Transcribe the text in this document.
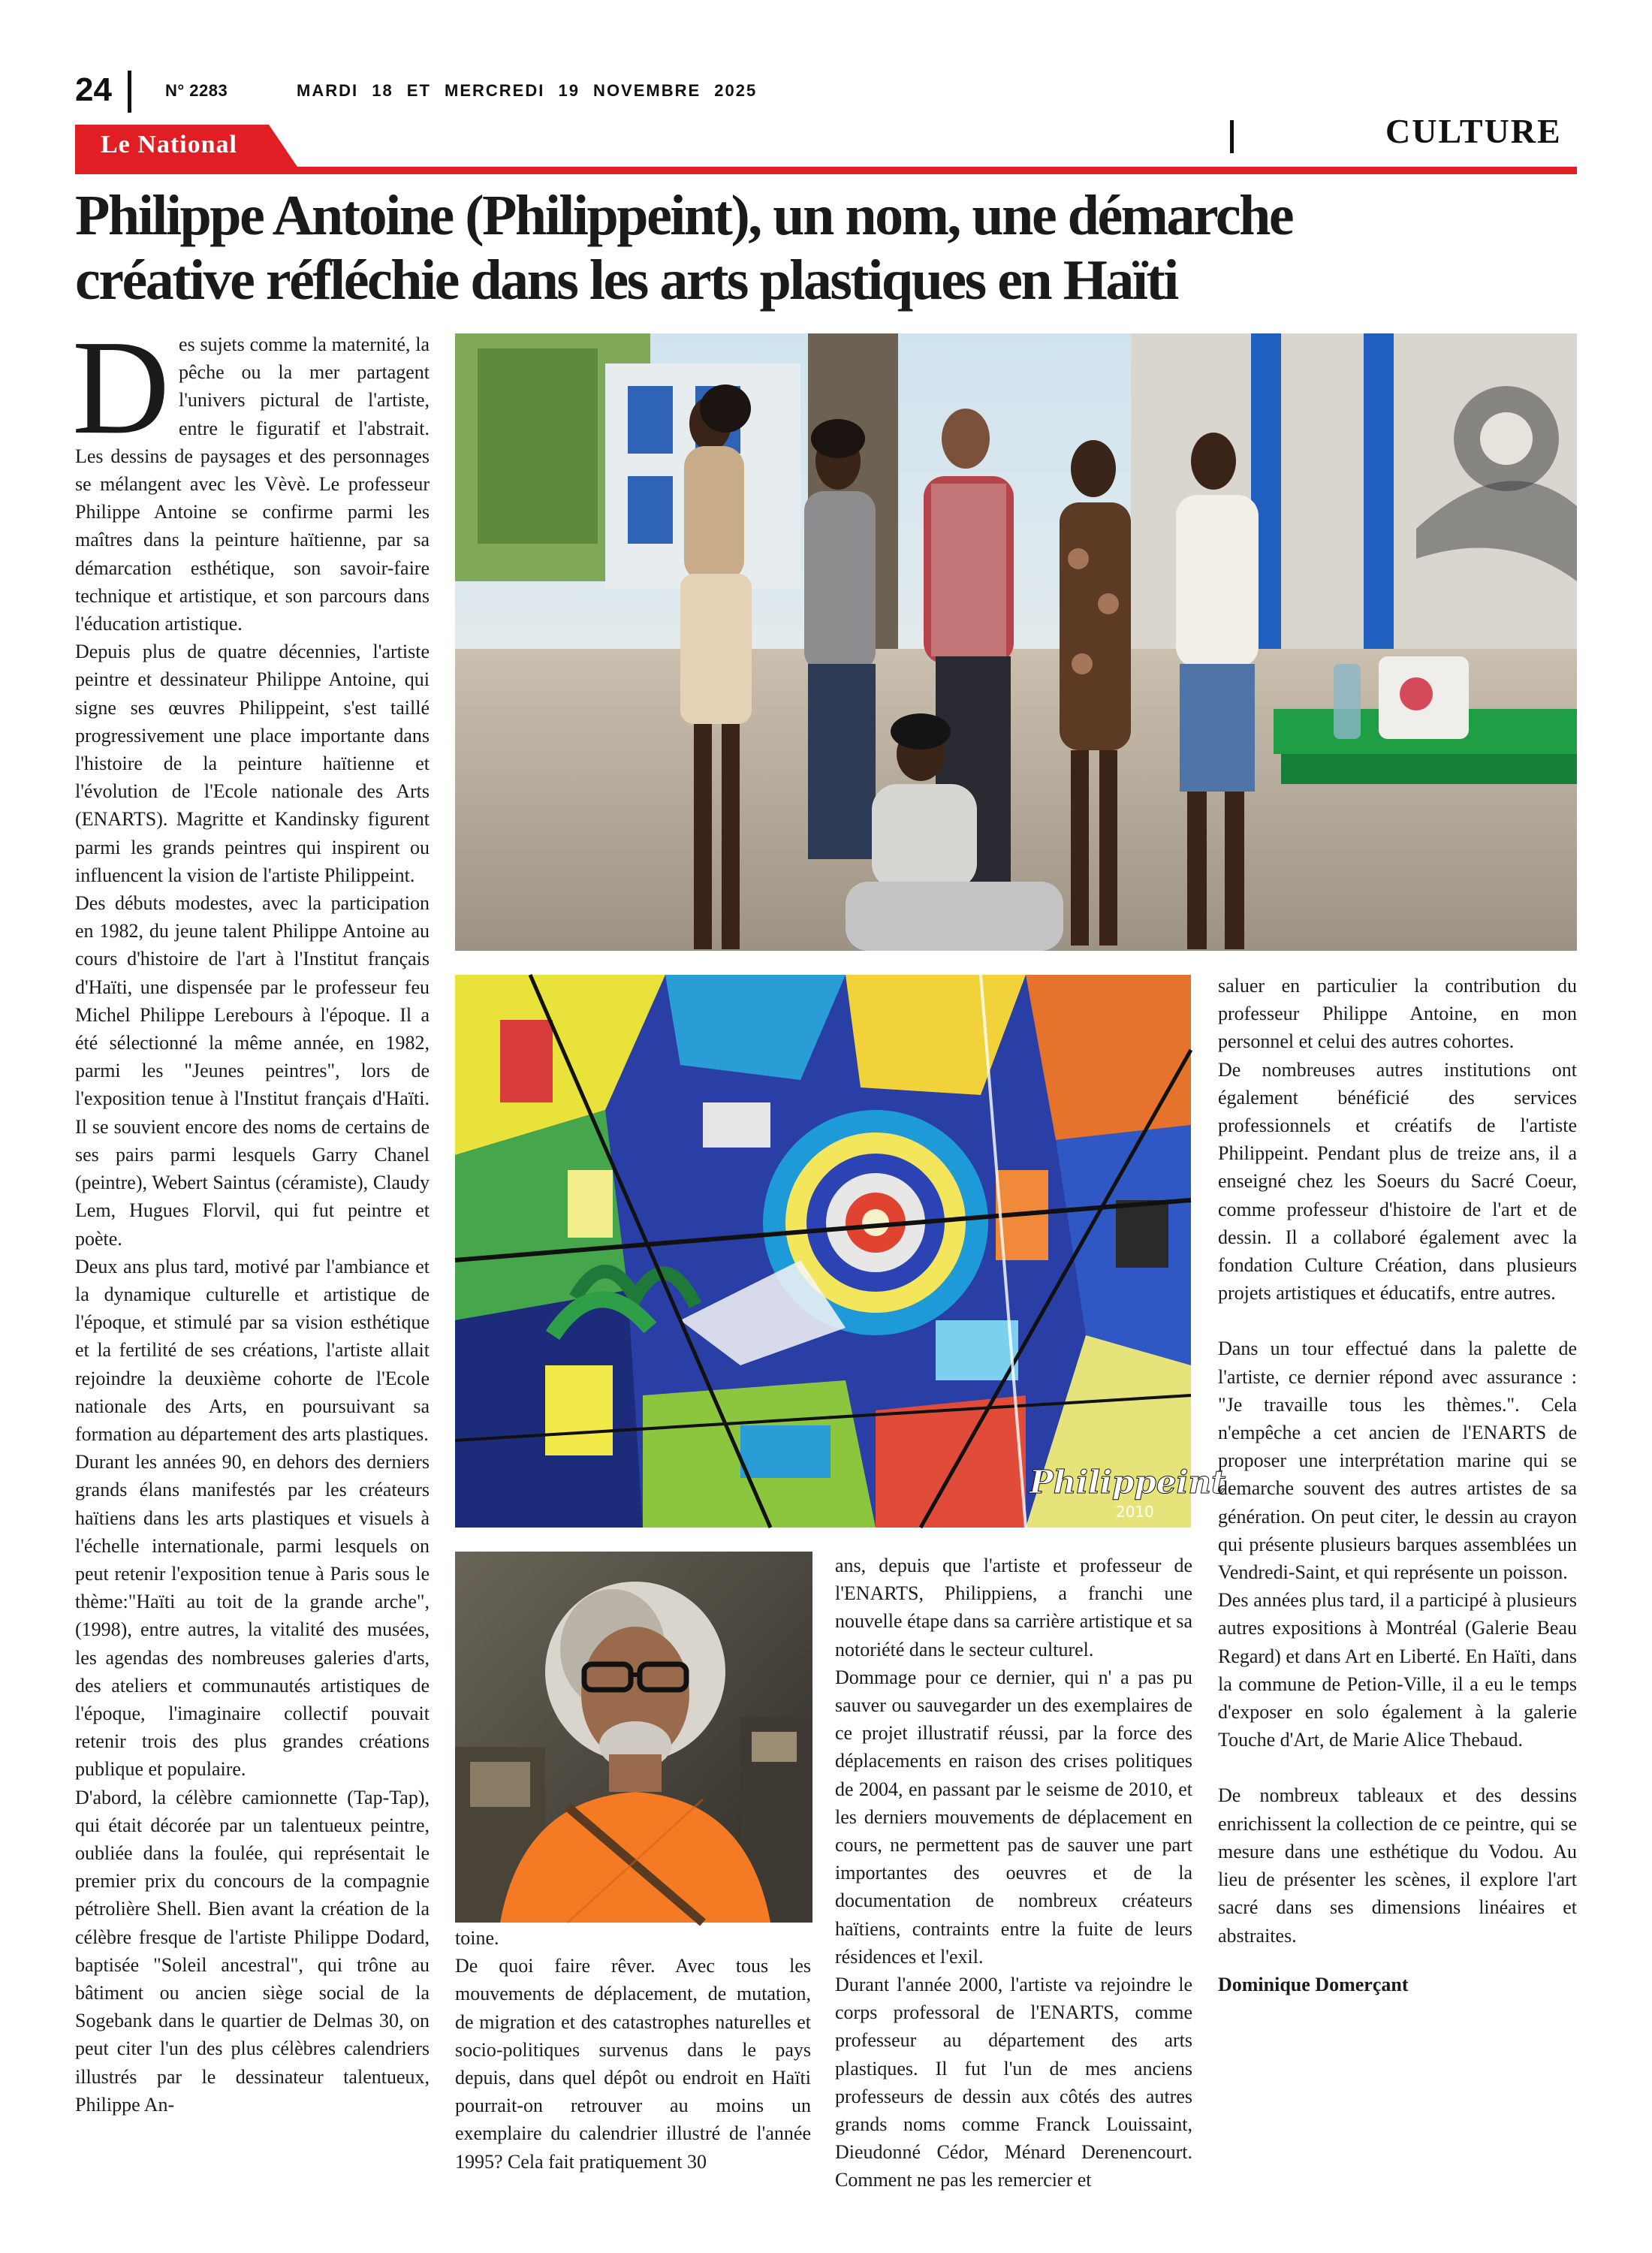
24	N° 2283	MARDI 18 ET MERCREDI 19 NOVEMBRE 2025
Le National	CULTURE
Philippe Antoine (Philippeint), un nom, une démarche
créative réfléchie dans les arts plastiques en Haïti

Des sujets comme la maternité, la pêche ou la mer partagent l'univers pictural de l'artiste, entre le figuratif et l'abstrait. Les dessins de paysages et des personnages se mélangent avec les Vèvè. Le professeur Philippe Antoine se confirme parmi les maîtres dans la peinture haïtienne, par sa démarcation esthétique, son savoir-faire technique et artistique, et son parcours dans l'éducation artistique.

Depuis plus de quatre décennies, l'artiste peintre et dessinateur Philippe Antoine, qui signe ses œuvres Philippeint, s'est taillé progressivement une place importante dans l'histoire de la peinture haïtienne et l'évolution de l'Ecole nationale des Arts (ENARTS). Magritte et Kandinsky figurent parmi les grands peintres qui inspirent ou influencent la vision de l'artiste Philippeint.

Des débuts modestes, avec la participation en 1982, du jeune talent Philippe Antoine au cours d'histoire de l'art à l'Institut français d'Haïti, une dispensée par le professeur feu Michel Philippe Lerebours à l'époque. Il a été sélectionné la même année, en 1982, parmi les "Jeunes peintres", lors de l'exposition tenue à l'Institut français d'Haïti. Il se souvient encore des noms de certains de ses pairs parmi lesquels Garry Chanel (peintre), Webert Saintus (céramiste), Claudy Lem, Hugues Florvil, qui fut peintre et poète.

Deux ans plus tard, motivé par l'ambiance et la dynamique culturelle et artistique de l'époque, et stimulé par sa vision esthétique et la fertilité de ses créations, l'artiste allait rejoindre la deuxième cohorte de l'Ecole nationale des Arts, en poursuivant sa formation au département des arts plastiques.

Durant les années 90, en dehors des derniers grands élans manifestés par les créateurs haïtiens dans les arts plastiques et visuels à l'échelle internationale, parmi lesquels on peut retenir l'exposition tenue à Paris sous le thème:"Haïti au toit de la grande arche", (1998), entre autres, la vitalité des musées, les agendas des nombreuses galeries d'arts, des ateliers et communautés artistiques de l'époque, l'imaginaire collectif pouvait retenir trois des plus grandes créations publique et populaire.

D'abord, la célèbre camionnette (Tap-Tap), qui était décorée par un talentueux peintre, oubliée dans la foulée, qui représentait le premier prix du concours de la compagnie pétrolière Shell. Bien avant la création de la célèbre fresque de l'artiste Philippe Dodard, baptisée "Soleil ancestral", qui trône au bâtiment ou ancien siège social de la Sogebank dans le quartier de Delmas 30, on peut citer l'un des plus célèbres calendriers illustrés par le dessinateur talentueux, Philippe An-

Philippeint
2010

toine.

De quoi faire rêver. Avec tous les mouvements de déplacement, de mutation, de migration et des catastrophes naturelles et socio-politiques survenus dans le pays depuis, dans quel dépôt ou endroit en Haïti pourrait-on retrouver au moins un exemplaire du calendrier illustré de l'année 1995? Cela fait pratiquement 30

ans, depuis que l'artiste et professeur de l'ENARTS, Philippiens, a franchi une nouvelle étape dans sa carrière artistique et sa notoriété dans le secteur culturel.

Dommage pour ce dernier, qui n' a pas pu sauver ou sauvegarder un des exemplaires de ce projet illustratif réussi, par la force des déplacements en raison des crises politiques de 2004, en passant par le seisme de 2010, et les derniers mouvements de déplacement en cours, ne permettent pas de sauver une part importantes des oeuvres et de la documentation de nombreux créateurs haïtiens, contraints entre la fuite de leurs résidences et l'exil.

Durant l'année 2000, l'artiste va rejoindre le corps professoral de l'ENARTS, comme professeur au département des arts plastiques. Il fut l'un de mes anciens professeurs de dessin aux côtés des autres grands noms comme Franck Louissaint, Dieudonné Cédor, Ménard Derenencourt. Comment ne pas les remercier et

saluer en particulier la contribution du professeur Philippe Antoine, en mon personnel et celui des autres cohortes.

De nombreuses autres institutions ont également bénéficié des services professionnels et créatifs de l'artiste Philippeint. Pendant plus de treize ans, il a enseigné chez les Soeurs du Sacré Coeur, comme professeur d'histoire de l'art et de dessin. Il a collaboré également avec la fondation Culture Création, dans plusieurs projets artistiques et éducatifs, entre autres.

Dans un tour effectué dans la palette de l'artiste, ce dernier répond avec assurance : "Je travaille tous les thèmes.". Cela n'empêche a cet ancien de l'ENARTS de proposer une interprétation marine qui se demarche souvent des autres artistes de sa génération. On peut citer, le dessin au crayon qui présente plusieurs barques assemblées un Vendredi-Saint, et qui représente un poisson.

Des années plus tard, il a participé à plusieurs autres expositions à Montréal (Galerie Beau Regard) et dans Art en Liberté. En Haïti, dans la commune de Petion-Ville, il a eu le temps d'exposer en solo également à la galerie Touche d'Art, de Marie Alice Thebaud.

De nombreux tableaux et des dessins enrichissent la collection de ce peintre, qui se mesure dans une esthétique du Vodou. Au lieu de présenter les scènes, il explore l'art sacré dans ses dimensions linéaires et abstraites.

Dominique Domerçant
